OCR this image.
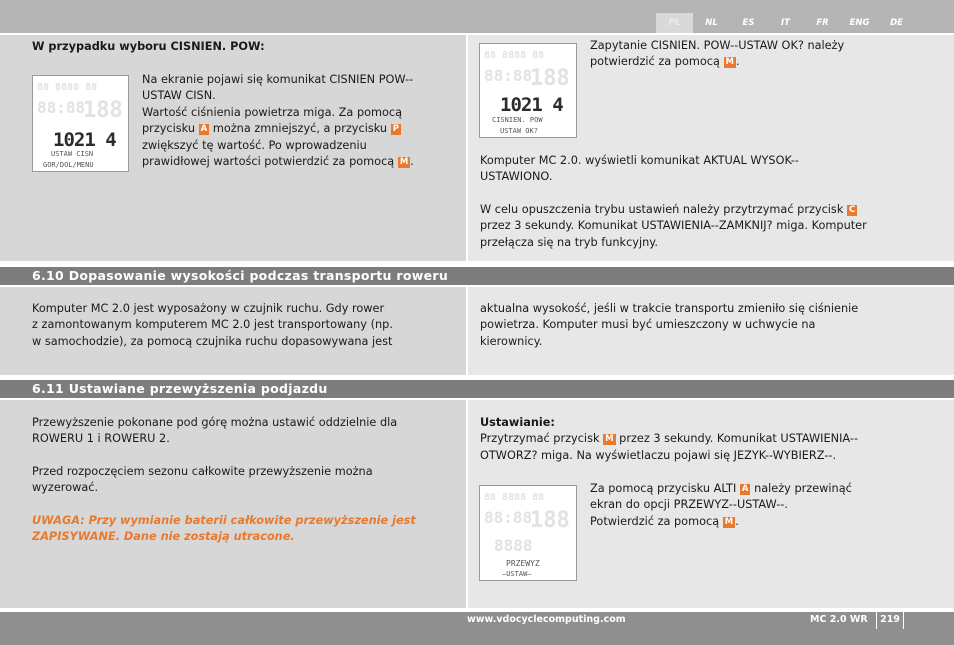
PL	NL	ES	IT	FR	ENG	DE
W przypadku wyboru CISNIEN. POW:
88 8888 88
88:88
188
1021 4
USTAW CISN
GOR/DOL/MENU
Na ekranie pojawi się komunikat CISNIEN POW--
USTAW CISN.
Wartość ciśnienia powietrza miga. Za pomocą
przycisku A można zmniejszyć, a przycisku P
zwiększyć tę wartość. Po wprowadzeniu
prawidłowej wartości potwierdzić za pomocą M .
88 8888 88
88:88
188
1021 4
CISNIEN. POW
USTAW OK?
Zapytanie CISNIEN. POW--USTAW OK? należy
potwierdzić za pomocą M .
Komputer MC 2.0. wyświetli komunikat AKTUAL WYSOK--
USTAWIONO.
W celu opuszczenia trybu ustawień należy przytrzymać przycisk C
przez 3 sekundy. Komunikat USTAWIENIA--ZAMKNIJ? miga. Komputer
przełącza się na tryb funkcyjny.
6.10 Dopasowanie wysokości podczas transportu roweru
Komputer MC 2.0 jest wyposażony w czujnik ruchu. Gdy rower
z zamontowanym komputerem MC 2.0 jest transportowany (np.
w samochodzie), za pomocą czujnika ruchu dopasowywana jest
aktualna wysokość, jeśli w trakcie transportu zmieniło się ciśnienie
powietrza. Komputer musi być umieszczony w uchwycie na
kierownicy.
6.11 Ustawiane przewyższenia podjazdu
Przewyższenie pokonane pod górę można ustawić oddzielnie dla
ROWERU 1 i ROWERU 2.
Przed rozpoczęciem sezonu całkowite przewyższenie można
wyzerować.
UWAGA: Przy wymianie baterii całkowite przewyższenie jest
ZAPISYWANE. Dane nie zostają utracone.
Ustawianie:
Przytrzymać przycisk M przez 3 sekundy. Komunikat USTAWIENIA--
OTWORZ? miga. Na wyświetlaczu pojawi się JEZYK--WYBIERZ--.
88 8888 88
88:88
188
8888
PRZEWYZ
—USTAW—
Za pomocą przycisku ALTI A należy przewinąć
ekran do opcji PRZEWYZ--USTAW--.
Potwierdzić za pomocą M .
www.vdocyclecomputing.com	MC 2.0 WR	219
